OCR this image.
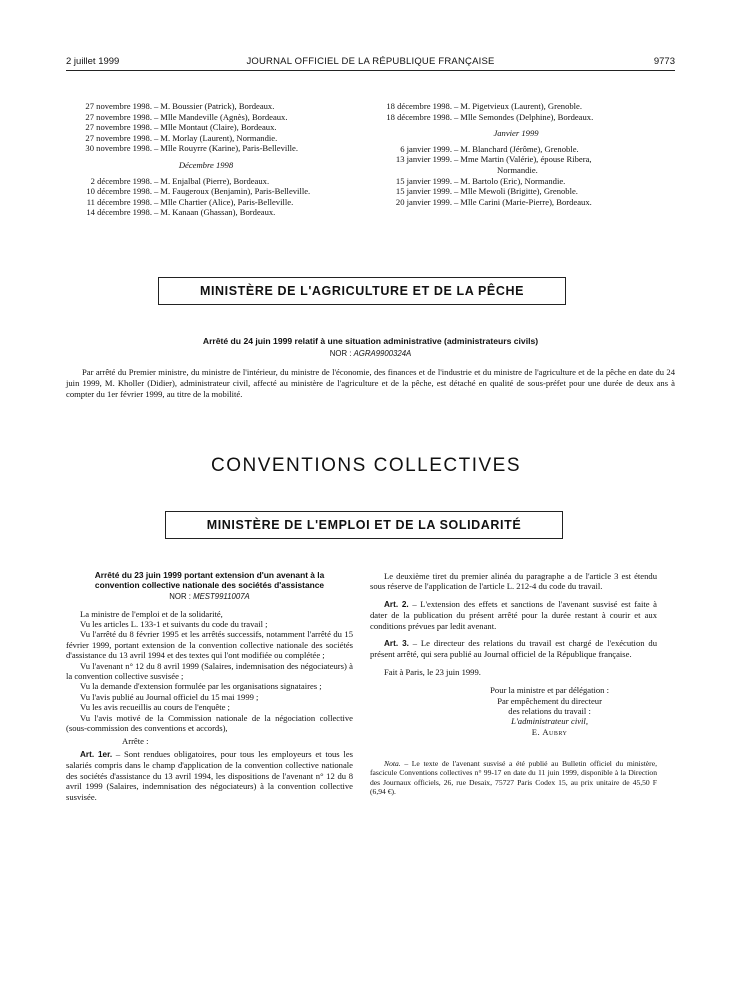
2 juillet 1999	JOURNAL OFFICIEL DE LA RÉPUBLIQUE FRANÇAISE	9773
27 novembre 1998. – M. Boussier (Patrick), Bordeaux.
27 novembre 1998. – Mlle Mandeville (Agnès), Bordeaux.
27 novembre 1998. – Mlle Montaut (Claire), Bordeaux.
27 novembre 1998. – M. Morlay (Laurent), Normandie.
30 novembre 1998. – Mlle Rouyrre (Karine), Paris-Belleville.
Décembre 1998
2 décembre 1998. – M. Enjalbal (Pierre), Bordeaux.
10 décembre 1998. – M. Faugeroux (Benjamin), Paris-Belleville.
11 décembre 1998. – Mlle Chartier (Alice), Paris-Belleville.
14 décembre 1998. – M. Kanaan (Ghassan), Bordeaux.
18 décembre 1998. – M. Pigetvieux (Laurent), Grenoble.
18 décembre 1998. – Mlle Semondes (Delphine), Bordeaux.
Janvier 1999
6 janvier 1999. – M. Blanchard (Jérôme), Grenoble.
13 janvier 1999. – Mme Martin (Valérie), épouse Ribera,
Normandie.
15 janvier 1999. – M. Bartolo (Eric), Normandie.
15 janvier 1999. – Mlle Mewoli (Brigitte), Grenoble.
20 janvier 1999. – Mlle Carini (Marie-Pierre), Bordeaux.
MINISTÈRE DE L'AGRICULTURE ET DE LA PÊCHE
Arrêté du 24 juin 1999 relatif à une situation administrative (administrateurs civils)
NOR : AGRA9900324A
Par arrêté du Premier ministre, du ministre de l'intérieur, du ministre de l'économie, des finances et de l'industrie et du ministre de l'agriculture et de la pêche en date du 24 juin 1999, M. Kholler (Didier), administrateur civil, affecté au ministère de l'agriculture et de la pêche, est détaché en qualité de sous-préfet pour une durée de deux ans à compter du 1er février 1999, au titre de la mobilité.
CONVENTIONS COLLECTIVES
MINISTÈRE DE L'EMPLOI ET DE LA SOLIDARITÉ
Arrêté du 23 juin 1999 portant extension d'un avenant à la convention collective nationale des sociétés d'assistance
NOR : MEST9911007A

La ministre de l'emploi et de la solidarité,

Vu les articles L. 133-1 et suivants du code du travail ;

Vu l'arrêté du 8 février 1995 et les arrêtés successifs, notamment l'arrêté du 15 février 1999, portant extension de la convention collective nationale des sociétés d'assistance du 13 avril 1994 et des textes qui l'ont modifiée ou complétée ;

Vu l'avenant n° 12 du 8 avril 1999 (Salaires, indemnisation des négociateurs) à la convention collective susvisée ;

Vu la demande d'extension formulée par les organisations signataires ;

Vu l'avis publié au Journal officiel du 15 mai 1999 ;

Vu les avis recueillis au cours de l'enquête ;

Vu l'avis motivé de la Commission nationale de la négociation collective (sous-commission des conventions et accords),

Arrête :

Art. 1er. – Sont rendues obligatoires, pour tous les employeurs et tous les salariés compris dans le champ d'application de la convention collective nationale des sociétés d'assistance du 13 avril 1994, les dispositions de l'avenant n° 12 du 8 avril 1999 (Salaires, indemnisation des négociateurs) à la convention collective susvisée.

Le deuxième tiret du premier alinéa du paragraphe a de l'article 3 est étendu sous réserve de l'application de l'article L. 212-4 du code du travail.

Art. 2. – L'extension des effets et sanctions de l'avenant susvisé est faite à dater de la publication du présent arrêté pour la durée restant à courir et aux conditions prévues par ledit avenant.

Art. 3. – Le directeur des relations du travail est chargé de l'exécution du présent arrêté, qui sera publié au Journal officiel de la République française.

Fait à Paris, le 23 juin 1999.

Pour la ministre et par délégation :
Par empêchement du directeur
des relations du travail :
L'administrateur civil,
E. Aubry

Nota. – Le texte de l'avenant susvisé a été publié au Bulletin officiel du ministère, fascicule Conventions collectives n° 99-17 en date du 11 juin 1999, disponible à la Direction des Journaux officiels, 26, rue Desaix, 75727 Paris Codex 15, au prix unitaire de 45,50 F (6,94 €).
